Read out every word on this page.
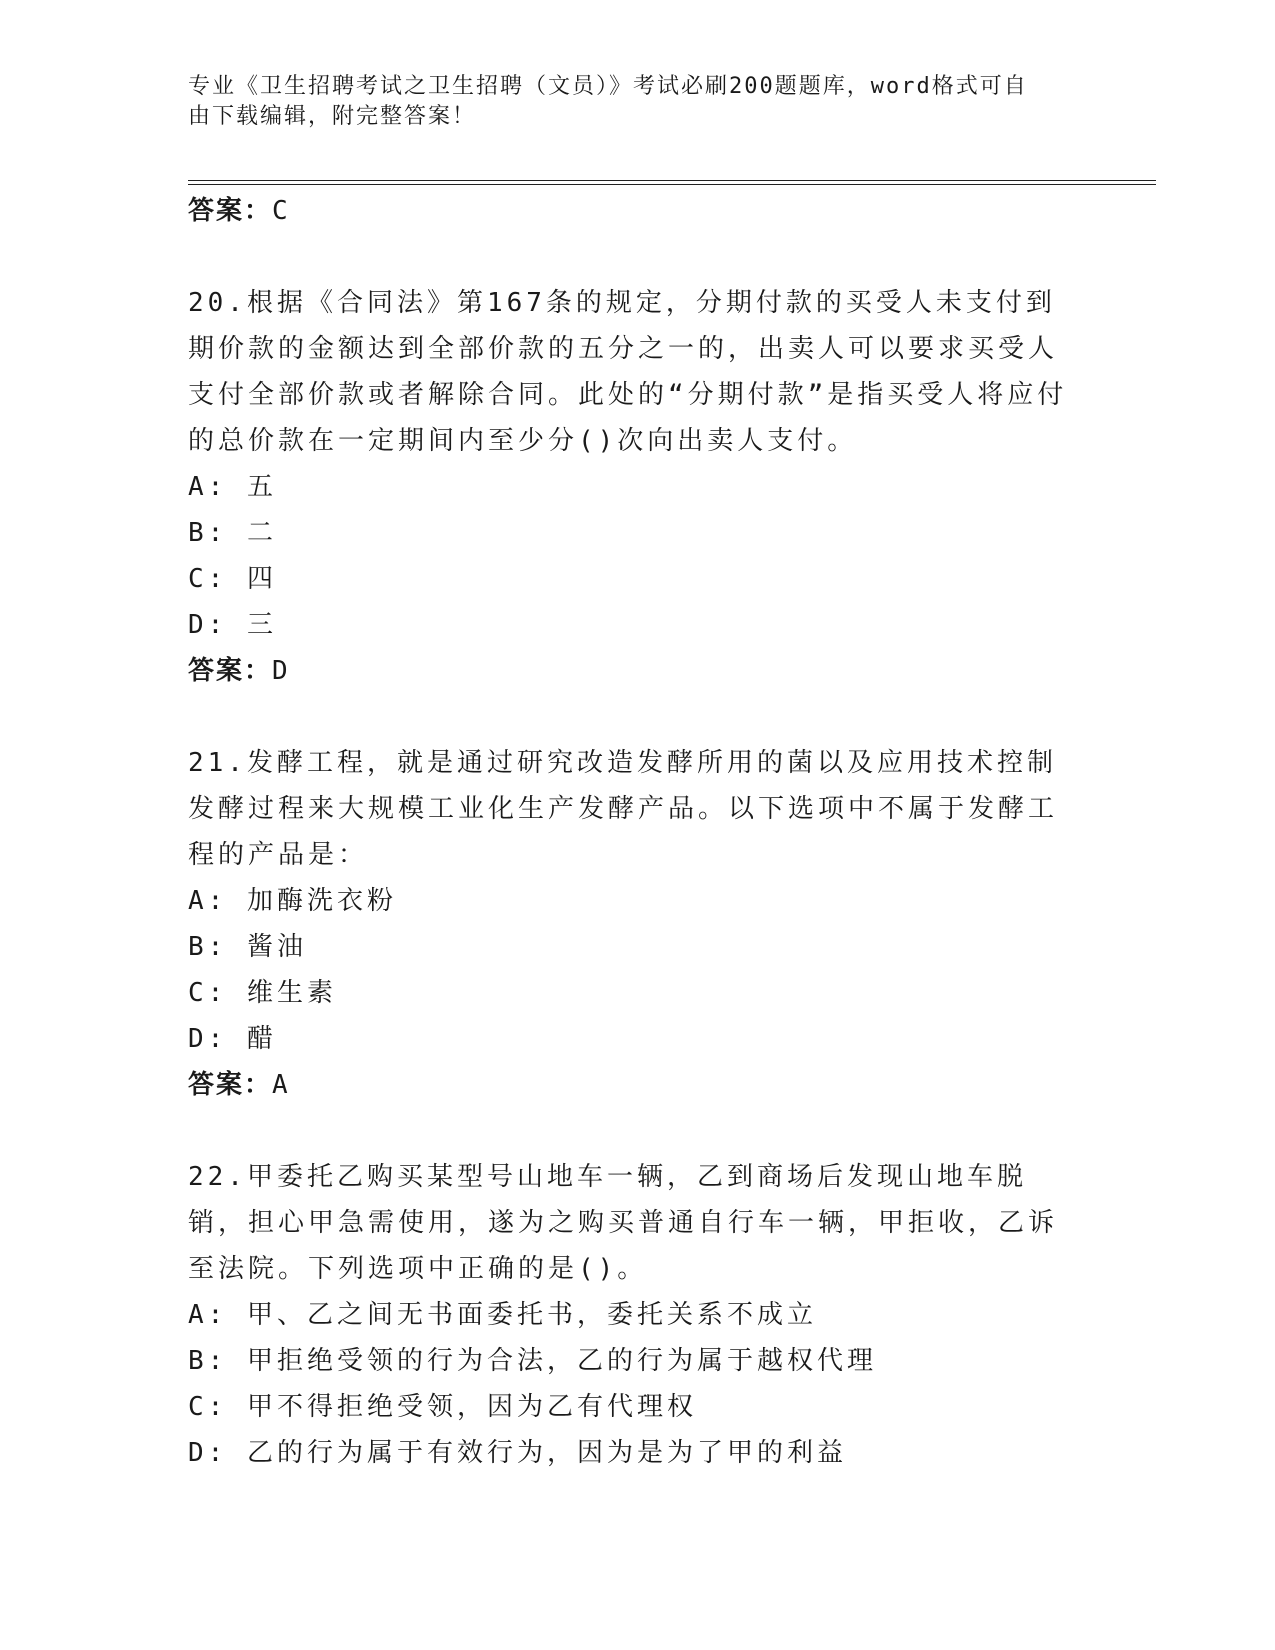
专业《卫生招聘考试之卫生招聘（文员）》考试必刷200题题库，word格式可自
由下载编辑，附完整答案！
答案：C
20.根据《合同法》第167条的规定，分期付款的买受人未支付到期价款的金额达到全部价款的五分之一的，出卖人可以要求买受人支付全部价款或者解除合同。此处的“分期付款”是指买受人将应付的总价款在一定期间内至少分()次向出卖人支付。
A: 五
B: 二
C: 四
D: 三
答案：D
21.发酵工程，就是通过研究改造发酵所用的菌以及应用技术控制发酵过程来大规模工业化生产发酵产品。以下选项中不属于发酵工程的产品是：
A: 加酶洗衣粉
B: 酱油
C: 维生素
D: 醋
答案：A
22.甲委托乙购买某型号山地车一辆，乙到商场后发现山地车脱销，担心甲急需使用，遂为之购买普通自行车一辆，甲拒收，乙诉至法院。下列选项中正确的是()。
A: 甲、乙之间无书面委托书，委托关系不成立
B: 甲拒绝受领的行为合法，乙的行为属于越权代理
C: 甲不得拒绝受领，因为乙有代理权
D: 乙的行为属于有效行为，因为是为了甲的利益
